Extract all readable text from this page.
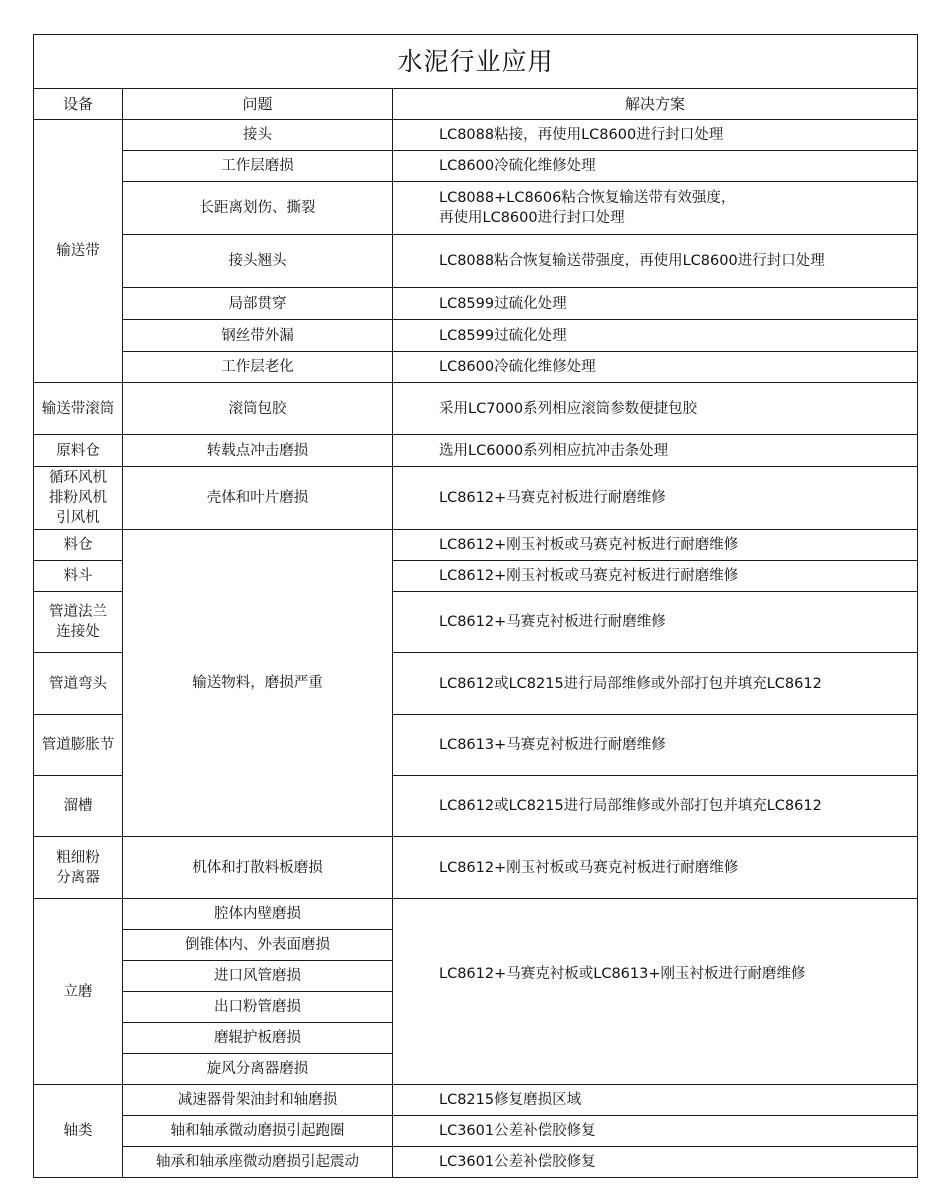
水泥行业应用		
设备	问题	解决方案
输送带	接头	LC8088粘接，再使用LC8600进行封口处理
	工作层磨损	LC8600冷硫化维修处理
	长距离划伤、撕裂	LC8088+LC8606粘合恢复输送带有效强度，
再使用LC8600进行封口处理

	接头翘头	LC8088粘合恢复输送带强度，再使用LC8600进行封口处理
	局部贯穿	LC8599过硫化处理
	钢丝带外漏	LC8599过硫化处理
	工作层老化	LC8600冷硫化维修处理
输送带滚筒	滚筒包胶	采用LC7000系列相应滚筒参数便捷包胶
原料仓	转载点冲击磨损	选用LC6000系列相应抗冲击条处理

循环风机
排粉风机
引风机	壳体和叶片磨损	LC8612+马赛克衬板进行耐磨维修
料仓	输送物料，磨损严重	LC8612+刚玉衬板或马赛克衬板进行耐磨维修
料斗		LC8612+刚玉衬板或马赛克衬板进行耐磨维修

管道法兰
连接处		LC8612+马赛克衬板进行耐磨维修
管道弯头		LC8612或LC8215进行局部维修或外部打包并填充LC8612
管道膨胀节		LC8613+马赛克衬板进行耐磨维修
溜槽		LC8612或LC8215进行局部维修或外部打包并填充LC8612

粗细粉
分离器	机体和打散料板磨损	LC8612+刚玉衬板或马赛克衬板进行耐磨维修
立磨	腔体内壁磨损	LC8612+马赛克衬板或LC8613+刚玉衬板进行耐磨维修
	倒锥体内、外表面磨损	
	进口风管磨损	
	出口粉管磨损	
	磨辊护板磨损	
	旋风分离器磨损	
轴类	减速器骨架油封和轴磨损	LC8215修复磨损区域
	轴和轴承微动磨损引起跑圈	LC3601公差补偿胶修复
	轴承和轴承座微动磨损引起震动	LC3601公差补偿胶修复
